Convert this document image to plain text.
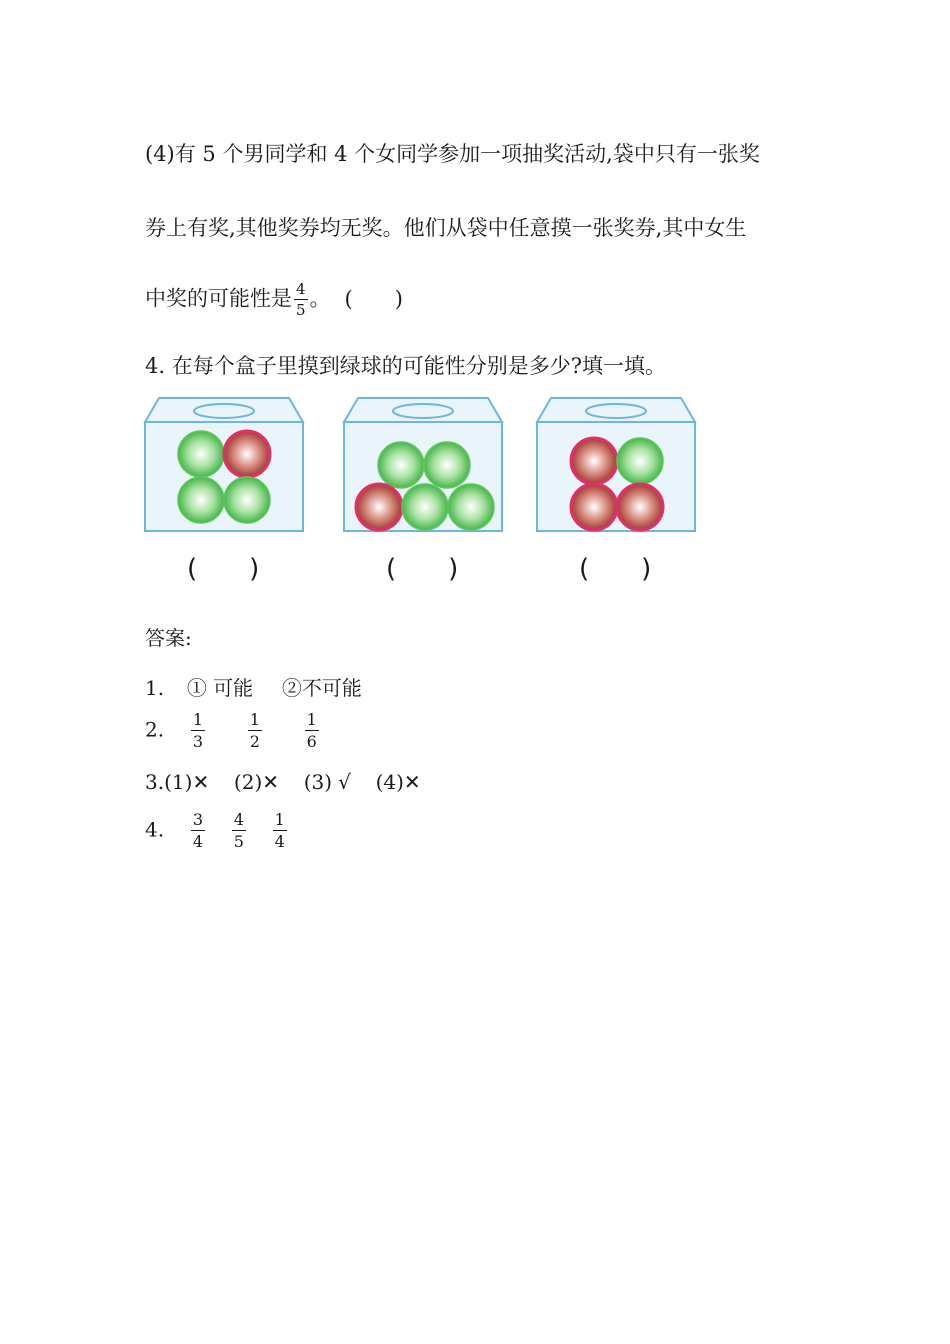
(4)有 5 个男同学和 4 个女同学参加一项抽奖活动,袋中只有一张奖
券上有奖,其他奖券均无奖。他们从袋中任意摸一张奖券,其中女生
中奖的可能性是 $\frac{4}{5}$ 。 (　　)
4. 在每个盒子里摸到绿球的可能性分别是多少?填一填。
(　　)	(　　)	(　　)
答案:
1. ① 可能 ②不可能
2. $\frac{1}{3}$
	$\frac{1}{2}$
	$\frac{1}{6}$
3.(1)✕ (2)✕ (3) √ (4)✕
4. $\frac{3}{4}$
$\frac{4}{5}$
$\frac{1}{4}$
